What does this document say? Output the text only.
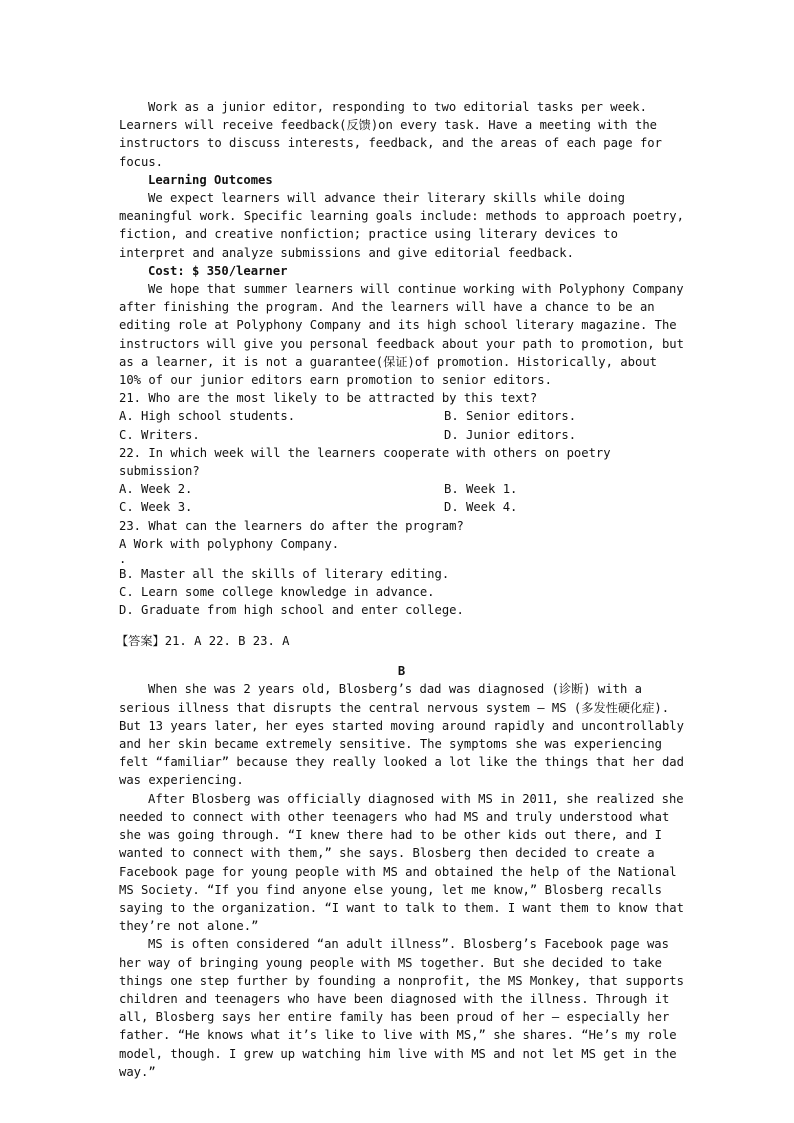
Work as a junior editor, responding to two editorial tasks per week. Learners will receive feedback(反馈)on every task. Have a meeting with the instructors to discuss interests, feedback, and the areas of each page for focus.

Learning Outcomes

We expect learners will advance their literary skills while doing meaningful work. Specific learning goals include: methods to approach poetry, fiction, and creative nonfiction; practice using literary devices to interpret and analyze submissions and give editorial feedback.

Cost: $ 350/learner

We hope that summer learners will continue working with Polyphony Company after finishing the program. And the learners will have a chance to be an editing role at Polyphony Company and its high school literary magazine. The instructors will give you personal feedback about your path to promotion, but as a learner, it is not a guarantee(保证)of promotion. Historically, about 10% of our junior editors earn promotion to senior editors.

21. Who are the most likely to be attracted by this text?

A. High school students.	B. Senior editors.
C. Writers.	D. Junior editors.

22. In which week will the learners cooperate with others on poetry submission?

A. Week 2.	B. Week 1.
C. Week 3.	D. Week 4.

23. What can the learners do after the program?

A Work with polyphony Company.

.

B. Master all the skills of literary editing.

C. Learn some college knowledge in advance.

D. Graduate from high school and enter college.

【答案】21. A 22. B 23. A

B

When she was 2 years old, Blosberg’s dad was diagnosed (诊断) with a serious illness that disrupts the central nervous system — MS (多发性硬化症). But 13 years later, her eyes started moving around rapidly and uncontrollably and her skin became extremely sensitive. The symptoms she was experiencing felt “familiar” because they really looked a lot like the things that her dad was experiencing.

After Blosberg was officially diagnosed with MS in 2011, she realized she needed to connect with other teenagers who had MS and truly understood what she was going through. “I knew there had to be other kids out there, and I wanted to connect with them,” she says. Blosberg then decided to create a Facebook page for young people with MS and obtained the help of the National MS Society. “If you find anyone else young, let me know,” Blosberg recalls saying to the organization. “I want to talk to them. I want them to know that they’re not alone.”

MS is often considered “an adult illness”. Blosberg’s Facebook page was her way of bringing young people with MS together. But she decided to take things one step further by founding a nonprofit, the MS Monkey, that supports children and teenagers who have been diagnosed with the illness. Through it all, Blosberg says her entire family has been proud of her — especially her father. “He knows what it’s like to live with MS,” she shares. “He’s my role model, though. I grew up watching him live with MS and not let MS get in the way.”
